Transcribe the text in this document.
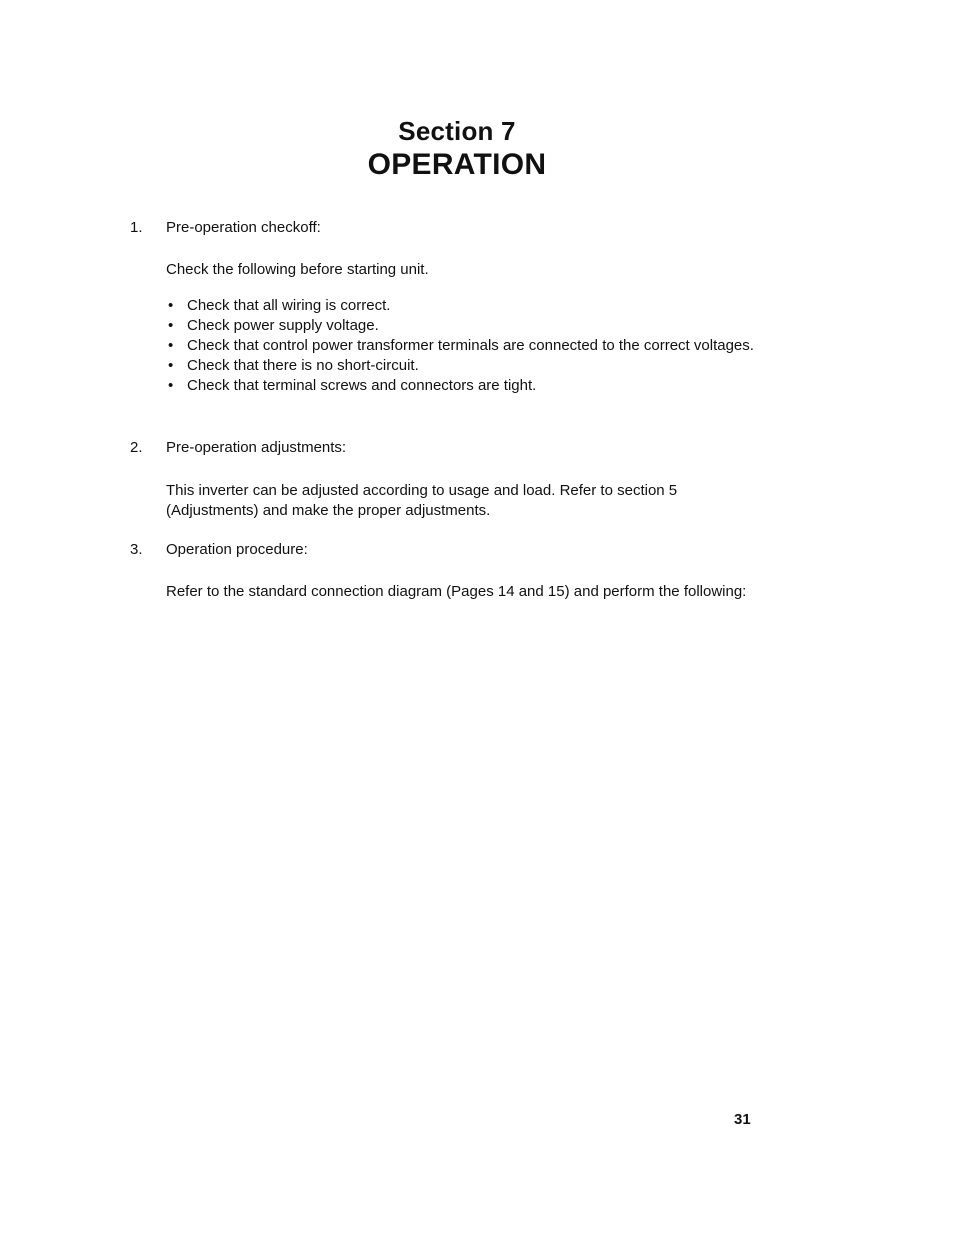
Section 7
OPERATION
1. Pre-operation checkoff:
Check the following before starting unit.
• Check that all wiring is correct.
• Check power supply voltage.
• Check that control power transformer terminals are connected to the correct voltages.
• Check that there is no short-circuit.
• Check that terminal screws and connectors are tight.
2. Pre-operation adjustments:
This inverter can be adjusted according to usage and load. Refer to section 5 (Adjustments) and make the proper adjustments.
3. Operation procedure:
Refer to the standard connection diagram (Pages 14 and 15) and perform the following:
31
